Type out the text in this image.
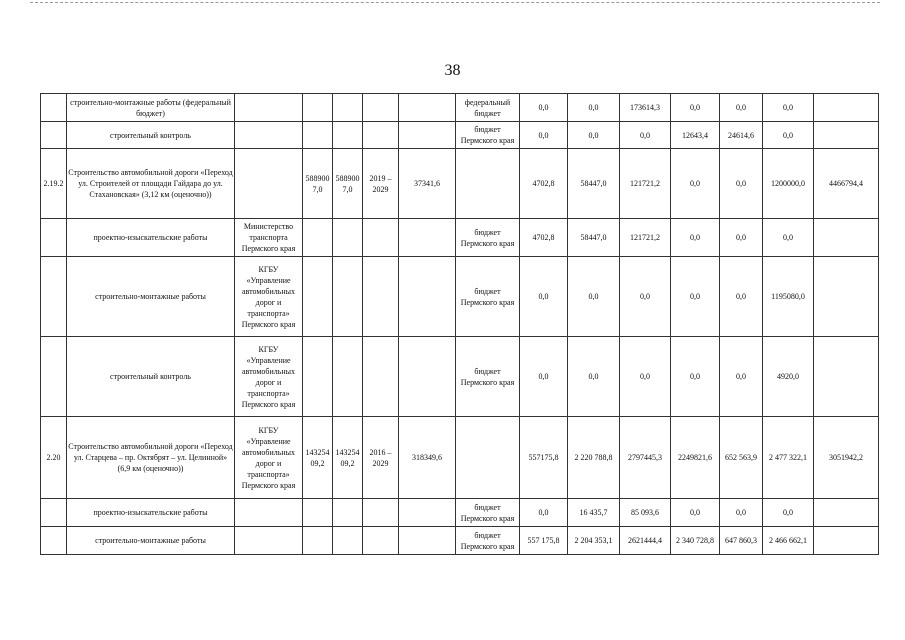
38
	строительно-монтажные работы (федеральный бюджет)						федеральный бюджет	0,0	0,0	173614,3	0,0	0,0	0,0	
	строительный контроль						бюджет Пермского края	0,0	0,0	0,0	12643,4	24614,6	0,0	
2.19.2	Строительство автомобильной дороги «Переход ул. Строителей от площади Гайдара до ул. Стахановская» (3,12 км (оценочно))		5889007,0	5889007,0	2019 – 2029	37341,6		4702,8	58447,0	121721,2	0,0	0,0	1200000,0	4466794,4
	проектно-изыскательские работы	Министерство транспорта Пермского края					бюджет Пермского края	4702,8	58447,0	121721,2	0,0	0,0	0,0	
	строительно-монтажные работы	КГБУ «Управление автомобильных дорог и транспорта» Пермского края					бюджет Пермского края	0,0	0,0	0,0	0,0	0,0	1195080,0	
	строительный контроль	КГБУ «Управление автомобильных дорог и транспорта» Пермского края					бюджет Пермского края	0,0	0,0	0,0	0,0	0,0	4920,0	
2.20	Строительство автомобильной дороги «Переход ул. Старцева – пр. Октябрят – ул. Целинной» (6,9 км (оценочно))	КГБУ «Управление автомобильных дорог и транспорта» Пермского края	14325409,2	14325409,2	2016 – 2029	318349,6		557175,8	2 220 788,8	2797445,3	2249821,6	652 563,9	2 477 322,1	3051942,2
	проектно-изыскательские работы						бюджет Пермского края	0,0	16 435,7	85 093,6	0,0	0,0	0,0	
	строительно-монтажные работы						бюджет Пермского края	557 175,8	2 204 353,1	2621444,4	2 340 728,8	647 860,3	2 466 662,1	
